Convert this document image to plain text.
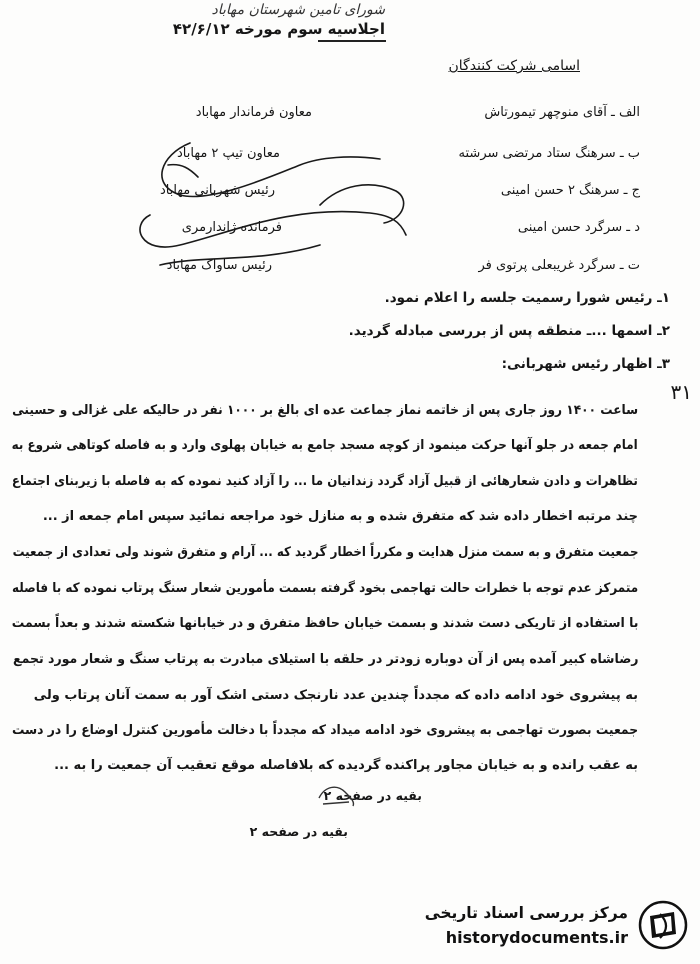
شورای تامین شهرستان مهاباد
اجلاسیه سوم مورخه ۴۲/۶/۱۲
اسامی شرکت کنندگان
الف ـ آقای منوچهر تیمورتاش
ب ـ سرهنگ ستاد مرتضی سرشته
ج ـ سرهنگ ۲ حسن امینی
د ـ سرگرد حسن امینی
ت ـ سرگرد غریبعلی پرتوی فر
معاون فرماندار مهاباد
معاون تیپ ۲ مهاباد
رئیس شهربانی مهاباد
فرمانده ژاندارمری
رئیس ساواک مهاباد
۱ـ رئیس شورا رسمیت جلسه را اعلام نمود.
۲ـ اسمها ...ـ منطقه پس از بررسی مبادله گردید.
۳ـ اظهار رئیس شهربانی:
۳۱
ساعت ۱۴۰۰ روز جاری پس از خاتمه نماز جماعت عده ای بالغ بر ۱۰۰۰ نفر در حالیکه علی غزالی و حسینی
امام جمعه در جلو آنها حرکت مینمود از کوچه مسجد جامع به خیابان پهلوی وارد و به فاصله کوتاهی شروع به
تظاهرات و دادن شعارهائی از قبیل آزاد گردد زندانیان ما ... را آزاد کنید نموده که به فاصله با زیربنای اجتماع
چند مرتبه اخطار داده شد که متفرق شده و به منازل خود مراجعه نمائید سپس امام جمعه از ...
جمعیت متفرق و به سمت منزل هدایت و مکرراً اخطار گردید که ... آرام و متفرق شوند ولی تعدادی از جمعیت
متمرکز عدم توجه با خطرات حالت تهاجمی بخود گرفته بسمت مأمورین شعار سنگ پرتاب نموده که با فاصله
با استفاده از تاریکی دست شدند و بسمت خیابان حافظ متفرق و در خیابانها شکسته شدند و بعداً بسمت
رضاشاه کبیر آمده پس از آن دوباره زودتر در حلقه با استیلای مبادرت به پرتاب سنگ و شعار مورد تجمع
به پیشروی خود ادامه داده که مجدداً چندین عدد نارنجک دستی اشک آور به سمت آنان پرتاب ولی
جمعیت بصورت تهاجمی به پیشروی خود ادامه میداد که مجدداً با دخالت مأمورین کنترل اوضاع را در دست
به عقب رانده و به خیابان مجاور پراکنده گردیده که بلافاصله موقع تعقیب آن جمعیت را به ...
بقیه در صفحه ۲
بقیه در صفحه ۲
مرکز بررسی اسناد تاریخی
historydocuments.ir
